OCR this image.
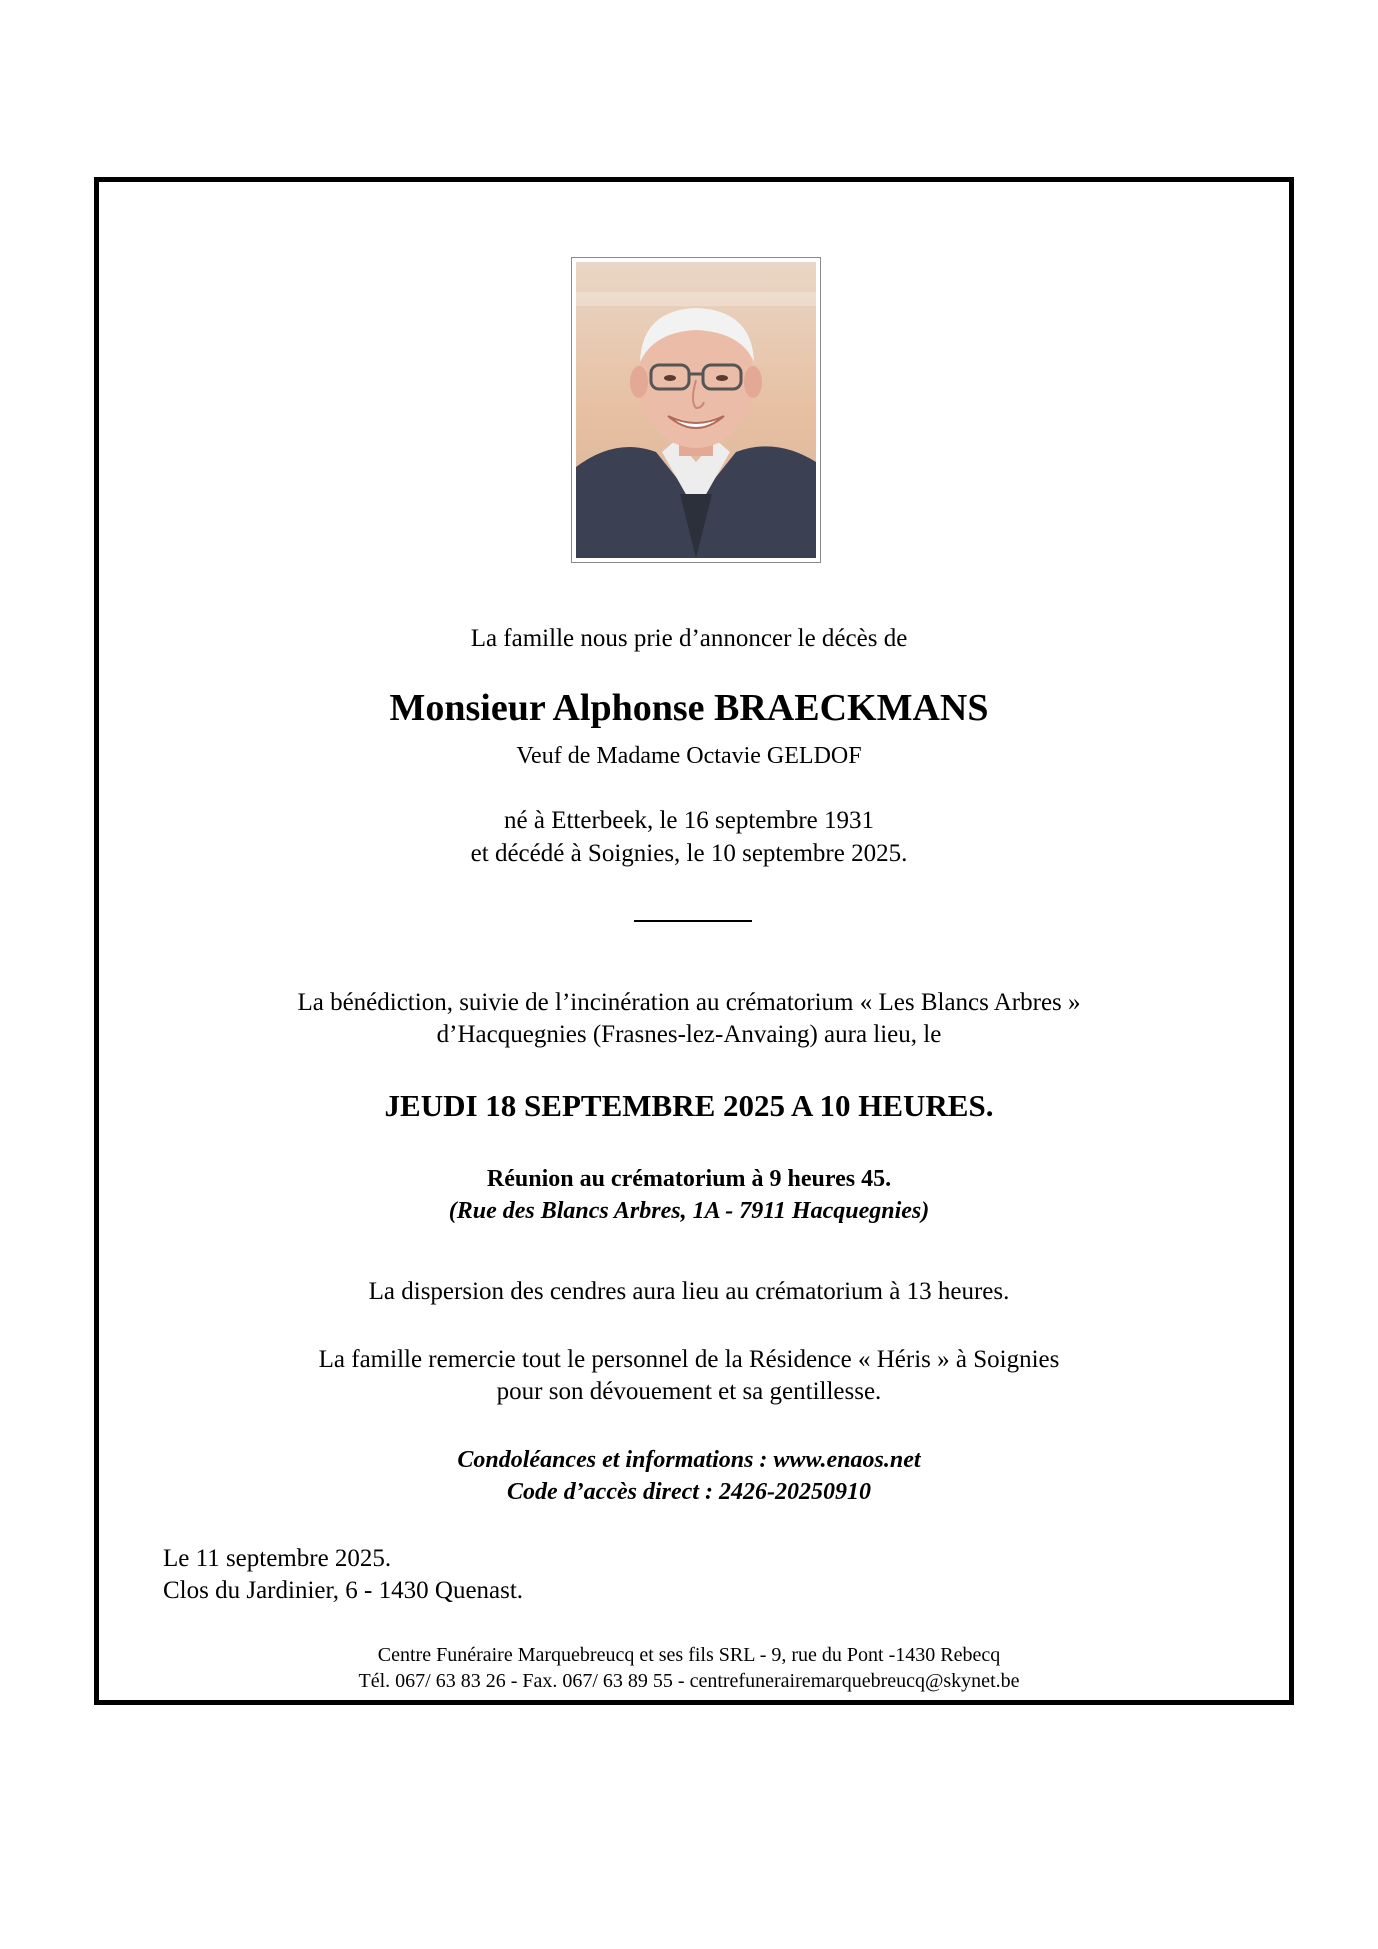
La famille nous prie d’annoncer le décès de
Monsieur Alphonse BRAECKMANS
Veuf de Madame Octavie GELDOF
né à Etterbeek, le 16 septembre 1931
et décédé à Soignies, le 10 septembre 2025.
La bénédiction, suivie de l’incinération au crématorium « Les Blancs Arbres »
d’Hacquegnies (Frasnes-lez-Anvaing) aura lieu, le
JEUDI 18 SEPTEMBRE 2025 A 10 HEURES.
Réunion au crématorium à 9 heures 45.
(Rue des Blancs Arbres, 1A - 7911 Hacquegnies)
La dispersion des cendres aura lieu au crématorium à 13 heures.
La famille remercie tout le personnel de la Résidence « Héris » à Soignies
pour son dévouement et sa gentillesse.
Condoléances et informations : www.enaos.net
Code d’accès direct : 2426-20250910
Le 11 septembre 2025.
Clos du Jardinier, 6 - 1430 Quenast.
Centre Funéraire Marquebreucq et ses fils SRL - 9, rue du Pont -1430 Rebecq
Tél. 067/ 63 83 26 - Fax. 067/ 63 89 55 - centrefunerairemarquebreucq@skynet.be
